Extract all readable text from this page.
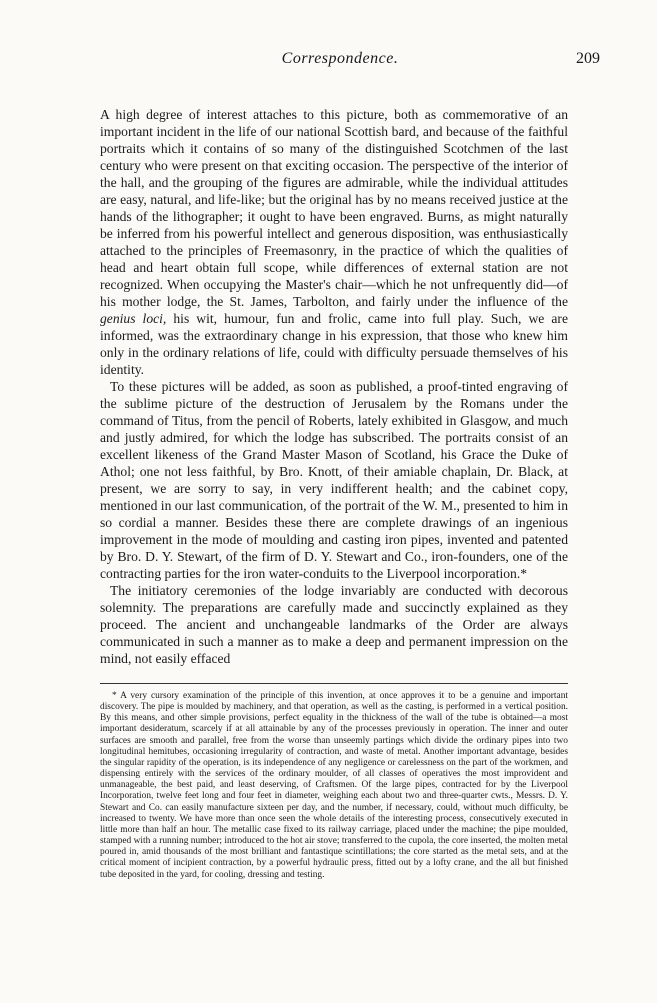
Correspondence.	209

A high degree of interest attaches to this picture, both as commemorative of an important incident in the life of our national Scottish bard, and because of the faithful portraits which it contains of so many of the distinguished Scotchmen of the last century who were present on that exciting occasion. The perspective of the interior of the hall, and the grouping of the figures are admirable, while the individual attitudes are easy, natural, and life-like; but the original has by no means received justice at the hands of the lithographer; it ought to have been engraved. Burns, as might naturally be inferred from his powerful intellect and generous disposition, was enthusiastically attached to the principles of Freemasonry, in the practice of which the qualities of head and heart obtain full scope, while differences of external station are not recognized. When occupying the Master's chair—which he not unfrequently did—of his mother lodge, the St. James, Tarbolton, and fairly under the influence of the genius loci, his wit, humour, fun and frolic, came into full play. Such, we are informed, was the extraordinary change in his expression, that those who knew him only in the ordinary relations of life, could with difficulty persuade themselves of his identity.

To these pictures will be added, as soon as published, a proof-tinted engraving of the sublime picture of the destruction of Jerusalem by the Romans under the command of Titus, from the pencil of Roberts, lately exhibited in Glasgow, and much and justly admired, for which the lodge has subscribed. The portraits consist of an excellent likeness of the Grand Master Mason of Scotland, his Grace the Duke of Athol; one not less faithful, by Bro. Knott, of their amiable chaplain, Dr. Black, at present, we are sorry to say, in very indifferent health; and the cabinet copy, mentioned in our last communication, of the portrait of the W. M., presented to him in so cordial a manner. Besides these there are complete drawings of an ingenious improvement in the mode of moulding and casting iron pipes, invented and patented by Bro. D. Y. Stewart, of the firm of D. Y. Stewart and Co., iron-founders, one of the contracting parties for the iron water-conduits to the Liverpool incorporation.*

The initiatory ceremonies of the lodge invariably are conducted with decorous solemnity. The preparations are carefully made and succinctly explained as they proceed. The ancient and unchangeable landmarks of the Order are always communicated in such a manner as to make a deep and permanent impression on the mind, not easily effaced

* A very cursory examination of the principle of this invention, at once approves it to be a genuine and important discovery. The pipe is moulded by machinery, and that operation, as well as the casting, is performed in a vertical position. By this means, and other simple provisions, perfect equality in the thickness of the wall of the tube is obtained—a most important desideratum, scarcely if at all attainable by any of the processes previously in operation. The inner and outer surfaces are smooth and parallel, free from the worse than unseemly partings which divide the ordinary pipes into two longitudinal hemitubes, occasioning irregularity of contraction, and waste of metal. Another important advantage, besides the singular rapidity of the operation, is its independence of any negligence or carelessness on the part of the workmen, and dispensing entirely with the services of the ordinary moulder, of all classes of operatives the most improvident and unmanageable, the best paid, and least deserving, of Craftsmen. Of the large pipes, contracted for by the Liverpool Incorporation, twelve feet long and four feet in diameter, weighing each about two and three-quarter cwts., Messrs. D. Y. Stewart and Co. can easily manufacture sixteen per day, and the number, if necessary, could, without much difficulty, be increased to twenty. We have more than once seen the whole details of the interesting process, consecutively executed in little more than half an hour. The metallic case fixed to its railway carriage, placed under the machine; the pipe moulded, stamped with a running number; introduced to the hot air stove; transferred to the cupola, the core inserted, the molten metal poured in, amid thousands of the most brilliant and fantastique scintillations; the core started as the metal sets, and at the critical moment of incipient contraction, by a powerful hydraulic press, fitted out by a lofty crane, and the all but finished tube deposited in the yard, for cooling, dressing and testing.
